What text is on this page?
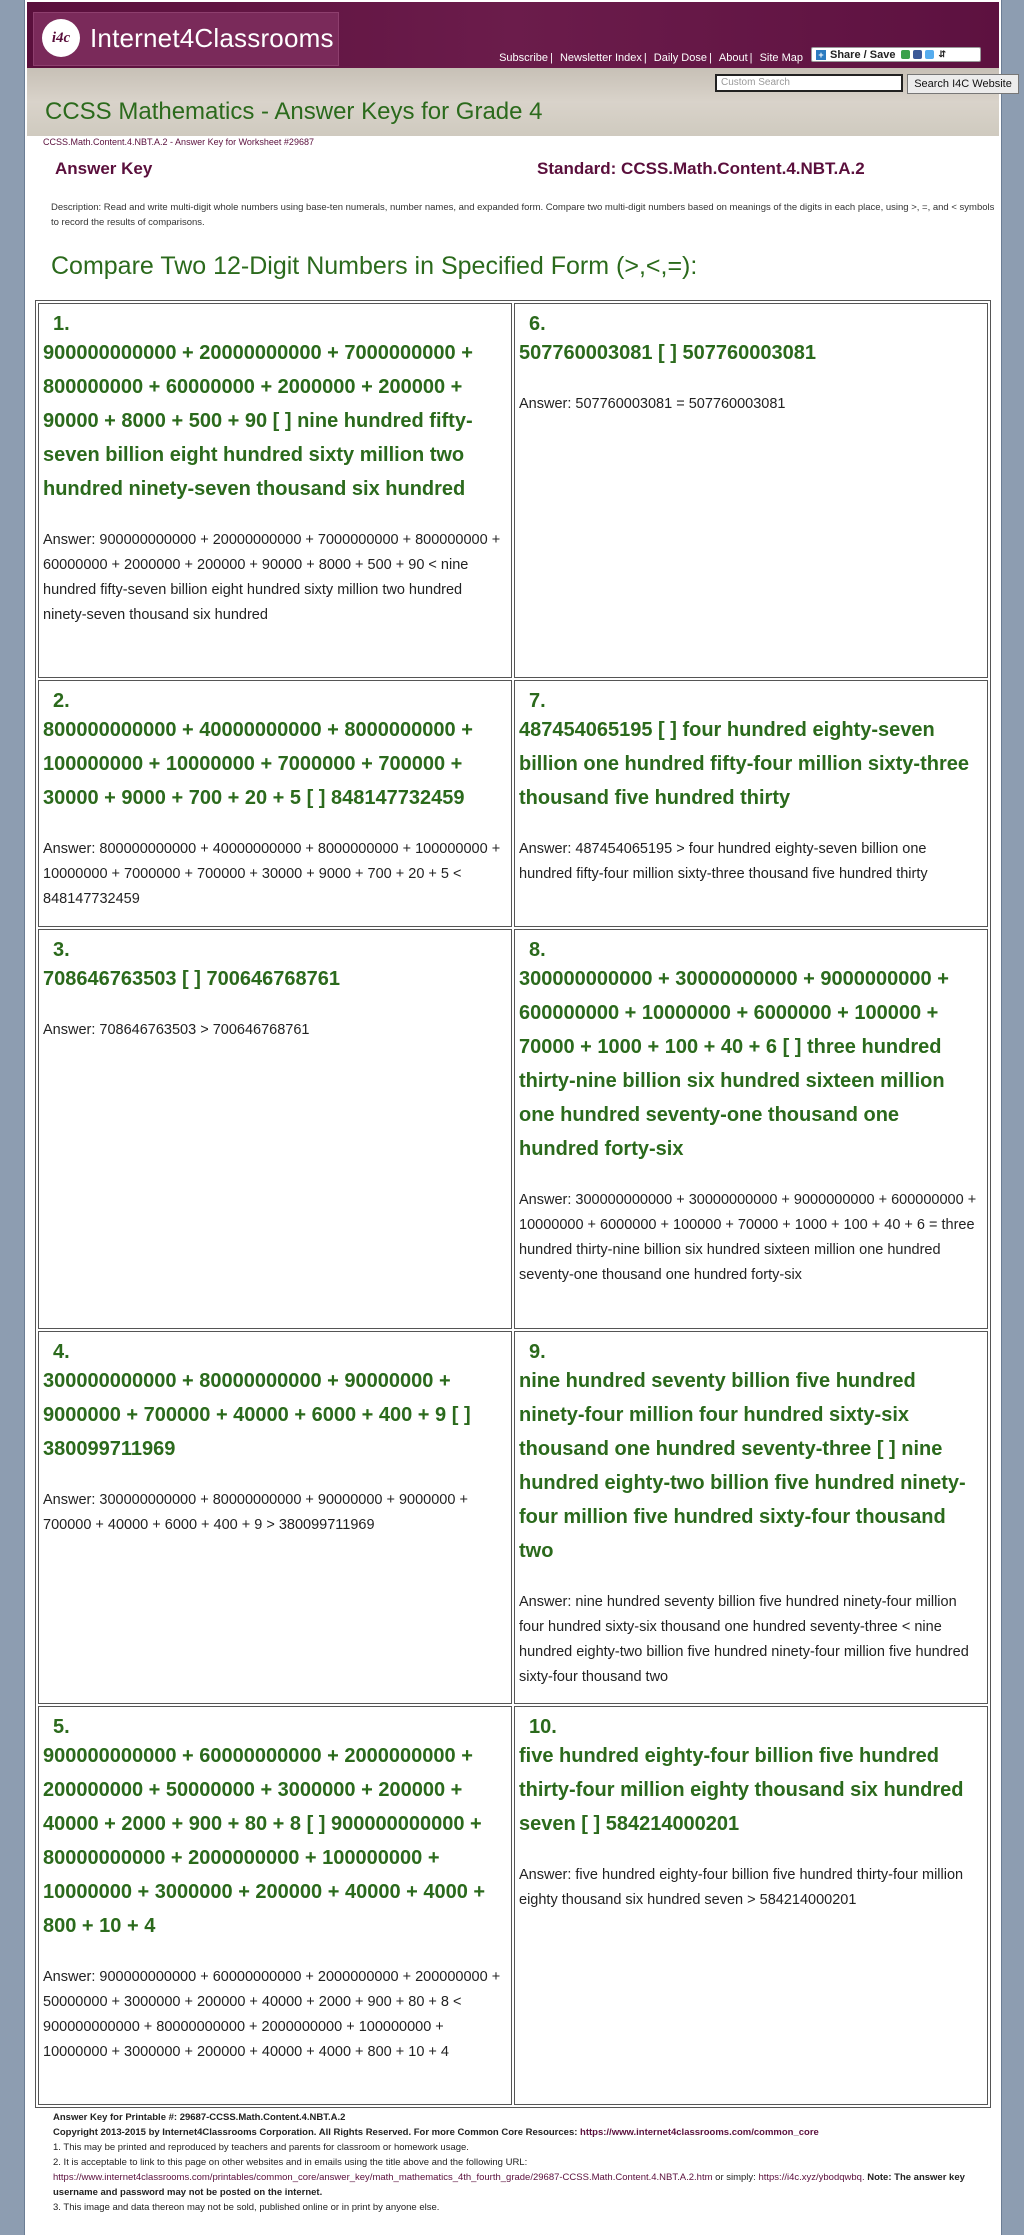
i4c Internet4Classrooms
Subscribe | Newsletter Index | Daily Dose | About | Site Map + Share / Save	⇵
Custom Search	Search I4C Website
CCSS Mathematics - Answer Keys for Grade 4
CCSS.Math.Content.4.NBT.A.2 - Answer Key for Worksheet #29687
Answer Key	Standard: CCSS.Math.Content.4.NBT.A.2
Description: Read and write multi-digit whole numbers using base-ten numerals, number names, and expanded form. Compare two multi-digit numbers based on meanings of the digits in each place, using >, =, and < symbols to record the results of comparisons.
Compare Two 12-Digit Numbers in Specified Form (>,<,=):
1.
900000000000 + 20000000000 + 7000000000 + 800000000 + 60000000 + 2000000 + 200000 + 90000 + 8000 + 500 + 90 [ ] nine hundred fifty-seven billion eight hundred sixty million two hundred ninety-seven thousand six hundred
Answer: 900000000000 + 20000000000 + 7000000000 + 800000000 + 60000000 + 2000000 + 200000 + 90000 + 8000 + 500 + 90 < nine hundred fifty-seven billion eight hundred sixty million two hundred ninety-seven thousand six hundred
2.
800000000000 + 40000000000 + 8000000000 + 100000000 + 10000000 + 7000000 + 700000 + 30000 + 9000 + 700 + 20 + 5 [ ] 848147732459
Answer: 800000000000 + 40000000000 + 8000000000 + 100000000 + 10000000 + 7000000 + 700000 + 30000 + 9000 + 700 + 20 + 5 < 848147732459
3.
708646763503 [ ] 700646768761
Answer: 708646763503 > 700646768761
4.
300000000000 + 80000000000 + 90000000 + 9000000 + 700000 + 40000 + 6000 + 400 + 9 [ ] 380099711969
Answer: 300000000000 + 80000000000 + 90000000 + 9000000 + 700000 + 40000 + 6000 + 400 + 9 > 380099711969
5.
900000000000 + 60000000000 + 2000000000 + 200000000 + 50000000 + 3000000 + 200000 + 40000 + 2000 + 900 + 80 + 8 [ ] 900000000000 + 80000000000 + 2000000000 + 100000000 + 10000000 + 3000000 + 200000 + 40000 + 4000 + 800 + 10 + 4
Answer: 900000000000 + 60000000000 + 2000000000 + 200000000 + 50000000 + 3000000 + 200000 + 40000 + 2000 + 900 + 80 + 8 < 900000000000 + 80000000000 + 2000000000 + 100000000 + 10000000 + 3000000 + 200000 + 40000 + 4000 + 800 + 10 + 4
6.
507760003081 [ ] 507760003081
Answer: 507760003081 = 507760003081
7.
487454065195 [ ] four hundred eighty-seven billion one hundred fifty-four million sixty-three thousand five hundred thirty
Answer: 487454065195 > four hundred eighty-seven billion one hundred fifty-four million sixty-three thousand five hundred thirty
8.
300000000000 + 30000000000 + 9000000000 + 600000000 + 10000000 + 6000000 + 100000 + 70000 + 1000 + 100 + 40 + 6 [ ] three hundred thirty-nine billion six hundred sixteen million one hundred seventy-one thousand one hundred forty-six
Answer: 300000000000 + 30000000000 + 9000000000 + 600000000 + 10000000 + 6000000 + 100000 + 70000 + 1000 + 100 + 40 + 6 = three hundred thirty-nine billion six hundred sixteen million one hundred seventy-one thousand one hundred forty-six
9.
nine hundred seventy billion five hundred ninety-four million four hundred sixty-six thousand one hundred seventy-three [ ] nine hundred eighty-two billion five hundred ninety-four million five hundred sixty-four thousand two
Answer: nine hundred seventy billion five hundred ninety-four million four hundred sixty-six thousand one hundred seventy-three < nine hundred eighty-two billion five hundred ninety-four million five hundred sixty-four thousand two
10.
five hundred eighty-four billion five hundred thirty-four million eighty thousand six hundred seven [ ] 584214000201
Answer: five hundred eighty-four billion five hundred thirty-four million eighty thousand six hundred seven > 584214000201
Answer Key for Printable #: 29687-CCSS.Math.Content.4.NBT.A.2
Copyright 2013-2015 by Internet4Classrooms Corporation. All Rights Reserved. For more Common Core Resources: https://www.internet4classrooms.com/common_core
1. This may be printed and reproduced by teachers and parents for classroom or homework usage.
2. It is acceptable to link to this page on other websites and in emails using the title above and the following URL:
https://www.internet4classrooms.com/printables/common_core/answer_key/math_mathematics_4th_fourth_grade/29687-CCSS.Math.Content.4.NBT.A.2.htm or simply: https://i4c.xyz/ybodqwbq. Note: The answer key username and password may not be posted on the internet.
3. This image and data thereon may not be sold, published online or in print by anyone else.
